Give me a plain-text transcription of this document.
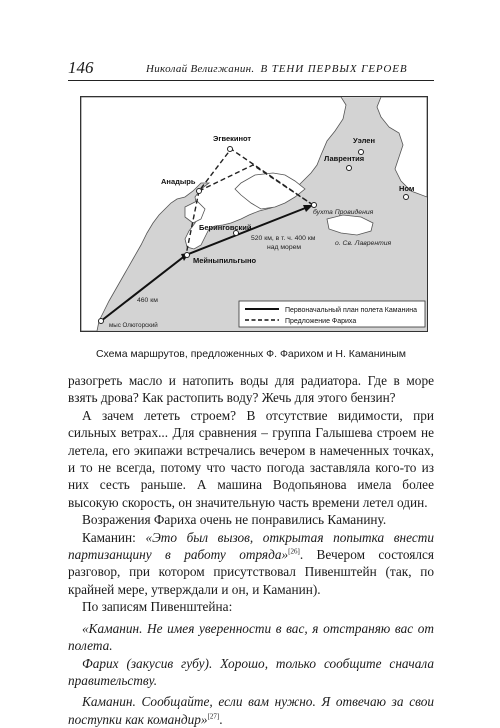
146	Николай Велигжанин. В ТЕНИ ПЕРВЫХ ГЕРОЕВ
Эгвекинот	Уэлен
Лаврентия
Анадырь
Ном
Беринговский
Мейныпильгыно
бухта Провидения
о. Св. Лаврентия
520 км, в т. ч. 400 км
над морем
460 км
мыс Олюторский
Первоначальный план полета Каманина
Предложение Фариха
Схема маршрутов, предложенных Ф. Фарихом и Н. Каманиным

разогреть масло и натопить воды для радиатора. Где в море взять дрова? Как растопить воду? Жечь для этого бензин?

А зачем лететь строем? В отсутствие видимости, при сильных ветрах... Для сравнения – группа Галышева строем не летела, его экипажи встречались вечером в намеченных точках, и то не всегда, потому что часто погода заставляла кого-то из них сесть раньше. А машина Водопьянова имела более высокую скорость, он значительную часть времени летел один.

Возражения Фариха очень не понравились Каманину.

Каманин: «Это был вызов, открытая попытка внести партизанщину в работу отряда»[26]. Вечером состоялся разговор, при котором присутствовал Пивенштейн (так, по крайней мере, утверждали и он, и Каманин).

По записям Пивенштейна:

«Каманин. Не имея уверенности в вас, я отстраняю вас от полета.

Фарих (закусив губу). Хорошо, только сообщите сначала правительству.

Каманин. Сообщайте, если вам нужно. Я отвечаю за свои поступки как командир»[27].
